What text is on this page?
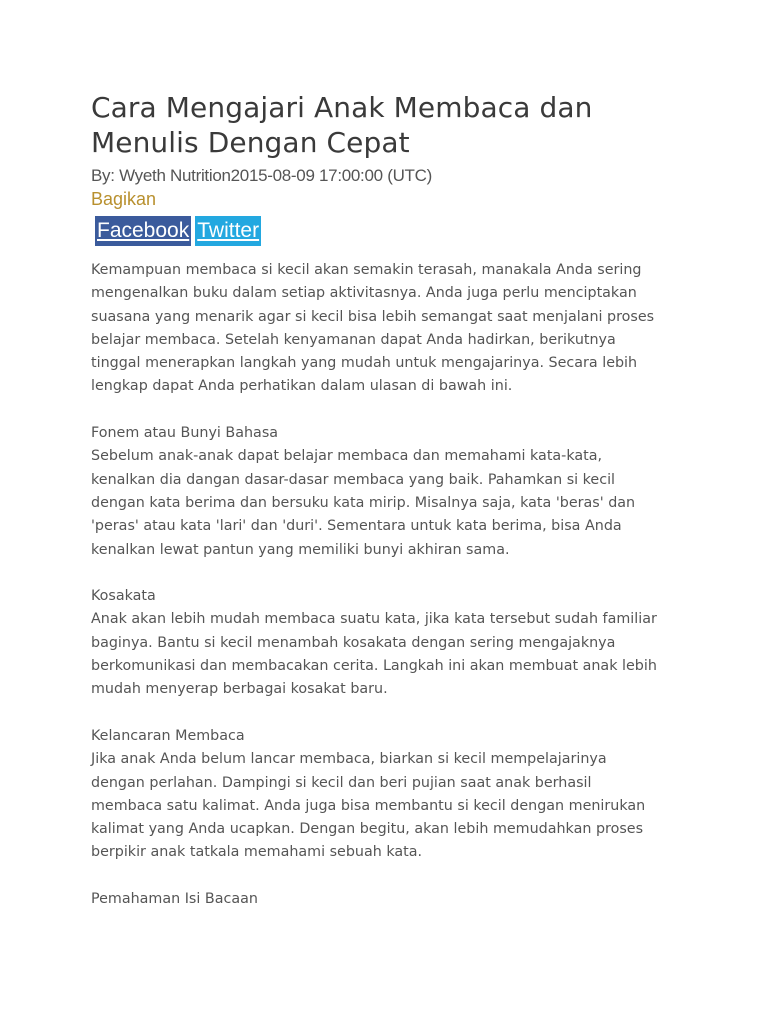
Cara Mengajari Anak Membaca dan
Menulis Dengan Cepat
By: Wyeth Nutrition2015-08-09 17:00:00 (UTC)
Bagikan
Facebook Twitter

Kemampuan membaca si kecil akan semakin terasah, manakala Anda sering
mengenalkan buku dalam setiap aktivitasnya. Anda juga perlu menciptakan
suasana yang menarik agar si kecil bisa lebih semangat saat menjalani proses
belajar membaca. Setelah kenyamanan dapat Anda hadirkan, berikutnya
tinggal menerapkan langkah yang mudah untuk mengajarinya. Secara lebih
lengkap dapat Anda perhatikan dalam ulasan di bawah ini.

Fonem atau Bunyi Bahasa
Sebelum anak-anak dapat belajar membaca dan memahami kata-kata,
kenalkan dia dangan dasar-dasar membaca yang baik. Pahamkan si kecil
dengan kata berima dan bersuku kata mirip. Misalnya saja, kata 'beras' dan
'peras' atau kata 'lari' dan 'duri'. Sementara untuk kata berima, bisa Anda
kenalkan lewat pantun yang memiliki bunyi akhiran sama.

Kosakata
Anak akan lebih mudah membaca suatu kata, jika kata tersebut sudah familiar
baginya. Bantu si kecil menambah kosakata dengan sering mengajaknya
berkomunikasi dan membacakan cerita. Langkah ini akan membuat anak lebih
mudah menyerap berbagai kosakat baru.

Kelancaran Membaca
Jika anak Anda belum lancar membaca, biarkan si kecil mempelajarinya
dengan perlahan. Dampingi si kecil dan beri pujian saat anak berhasil
membaca satu kalimat. Anda juga bisa membantu si kecil dengan menirukan
kalimat yang Anda ucapkan. Dengan begitu, akan lebih memudahkan proses
berpikir anak tatkala memahami sebuah kata.

Pemahaman Isi Bacaan
